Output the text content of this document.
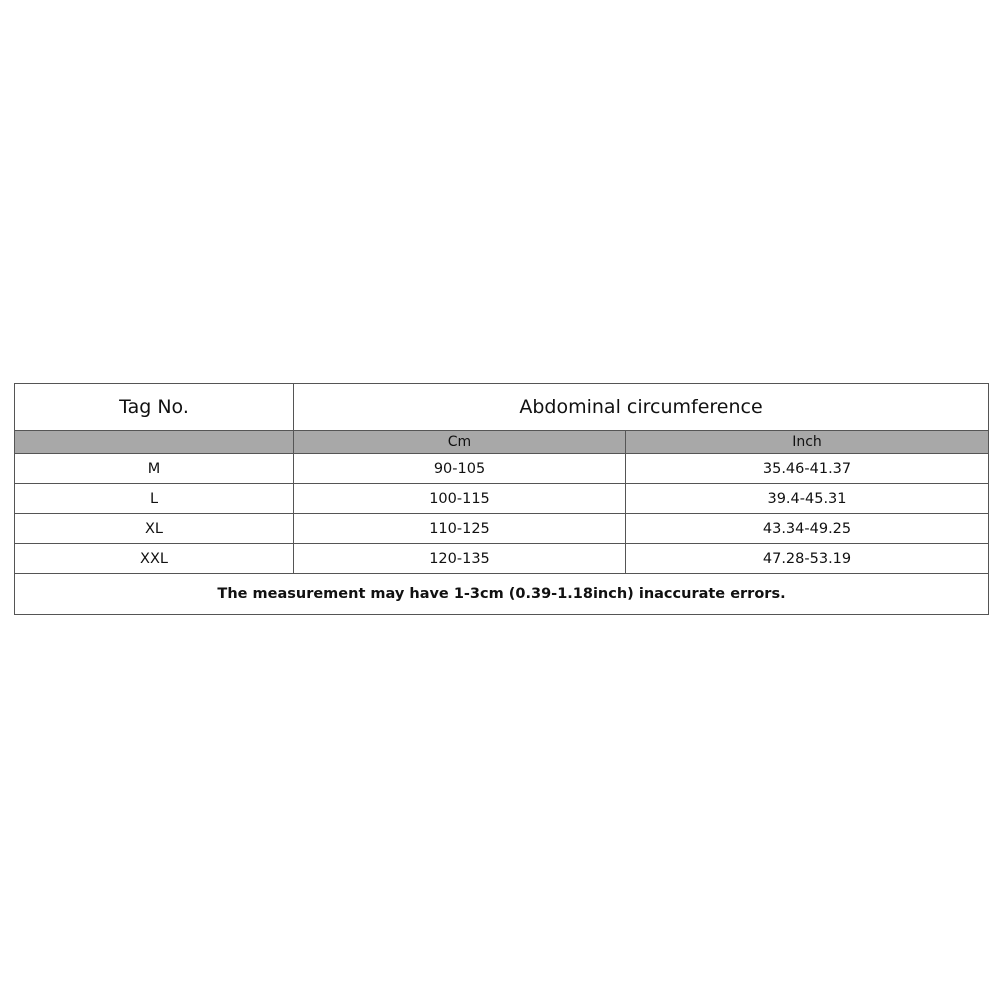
Tag No.	Abdominal circumference	
	Cm	Inch
M	90-105	35.46-41.37
L	100-115	39.4-45.31
XL	110-125	43.34-49.25
XXL	120-135	47.28-53.19
The measurement may have 1-3cm (0.39-1.18inch) inaccurate errors.		
